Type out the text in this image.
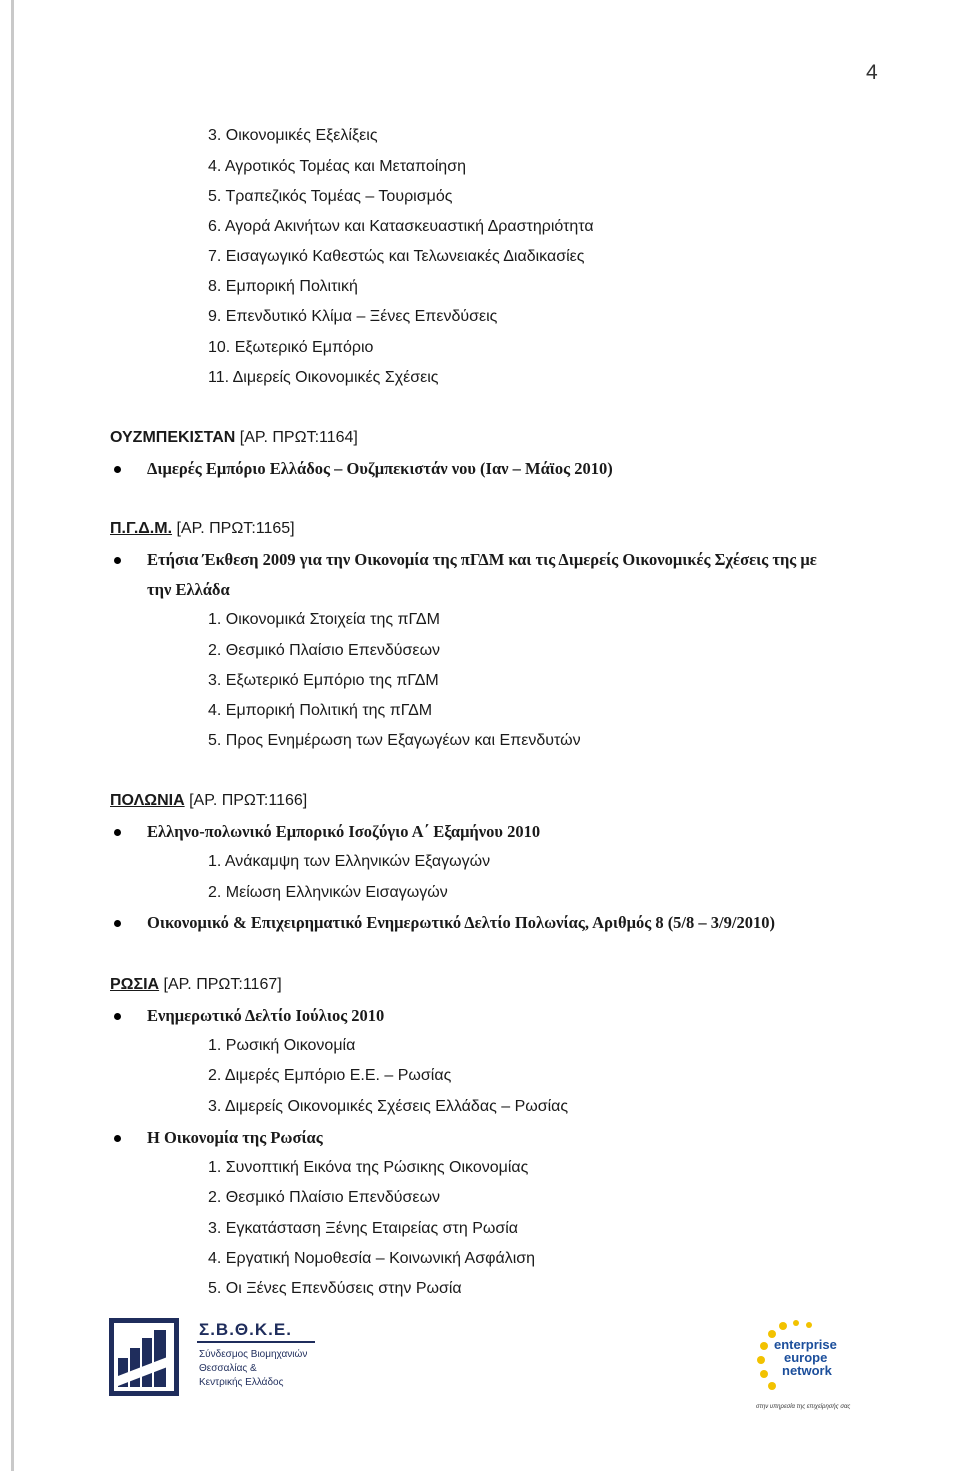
4
3. Οικονομικές Εξελίξεις
4. Αγροτικός Τομέας και Μεταποίηση
5. Τραπεζικός Τομέας – Τουρισμός
6. Αγορά Ακινήτων και Κατασκευαστική Δραστηριότητα
7. Εισαγωγικό Καθεστώς και Τελωνειακές Διαδικασίες
8. Εμπορική Πολιτική
9. Επενδυτικό Κλίμα – Ξένες Επενδύσεις
10. Εξωτερικό Εμπόριο
11. Διμερείς Οικονομικές Σχέσεις
ΟΥΖΜΠΕΚΙΣΤΑΝ [ΑΡ. ΠΡΩΤ:1164]
Διμερές Εμπόριο Ελλάδος – Ουζμπεκιστάν νου (Ιαν – Μάϊος 2010)
Π.Γ.Δ.Μ. [ΑΡ. ΠΡΩΤ:1165]
Ετήσια Έκθεση 2009 για την Οικονομία της πΓΔΜ και τις Διμερείς Οικονομικές Σχέσεις της με
την Ελλάδα
1. Οικονομικά Στοιχεία της πΓΔΜ
2. Θεσμικό Πλαίσιο Επενδύσεων
3. Εξωτερικό Εμπόριο της πΓΔΜ
4. Εμπορική Πολιτική της πΓΔΜ
5. Προς Ενημέρωση των Εξαγωγέων και Επενδυτών
ΠΟΛΩΝΙΑ [ΑΡ. ΠΡΩΤ:1166]
Ελληνο-πολωνικό Εμπορικό Ισοζύγιο Α΄ Εξαμήνου 2010
1. Ανάκαμψη των Ελληνικών Εξαγωγών
2. Μείωση Ελληνικών Εισαγωγών
Οικονομικό & Επιχειρηματικό Ενημερωτικό Δελτίο Πολωνίας, Αριθμός 8 (5/8 – 3/9/2010)
ΡΩΣΙΑ [ΑΡ. ΠΡΩΤ:1167]
Ενημερωτικό Δελτίο Ιούλιος 2010
1. Ρωσική Οικονομία
2. Διμερές Εμπόριο Ε.Ε. – Ρωσίας
3. Διμερείς Οικονομικές Σχέσεις Ελλάδας – Ρωσίας
Η Οικονομία της Ρωσίας
1. Συνοπτική Εικόνα της Ρώσικης Οικονομίας
2. Θεσμικό Πλαίσιο Επενδύσεων
3. Εγκατάσταση Ξένης Εταιρείας στη Ρωσία
4. Εργατική Νομοθεσία – Κοινωνική Ασφάλιση
5. Οι Ξένες Επενδύσεις στην Ρωσία
Σ.Β.Θ.Κ.Ε.
Σύνδεσμος Βιομηχανιών
Θεσσαλίας &
Κεντρικής Ελλάδος
enterprise
europe
network
στην υπηρεσία της επιχείρησής σας
